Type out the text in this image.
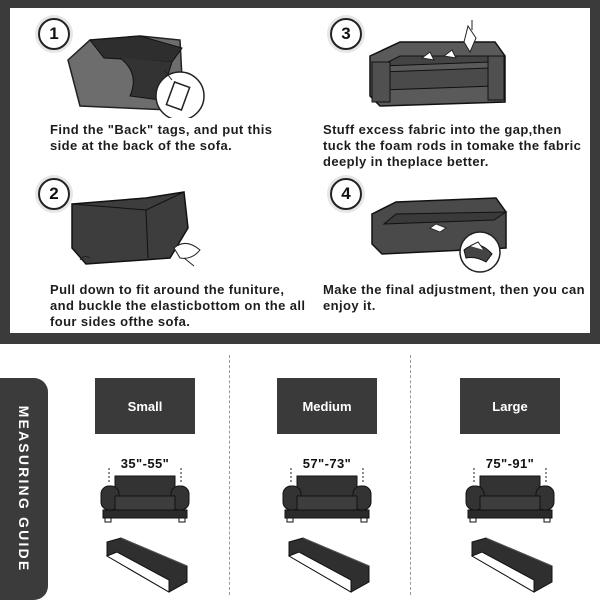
1
Find the "Back" tags, and put this side at the back of the sofa.
3
Stuff excess fabric into the gap,then tuck the foam rods in tomake the fabric deeply in theplace better.
2
Pull down to fit around the funiture, and buckle the elasticbottom on the all four sides ofthe sofa.
4
Make the final adjustment, then you can enjoy it.
MEASURING GUIDE	Small
35"-55"
Medium
57"-73"
Large
75"-91"
